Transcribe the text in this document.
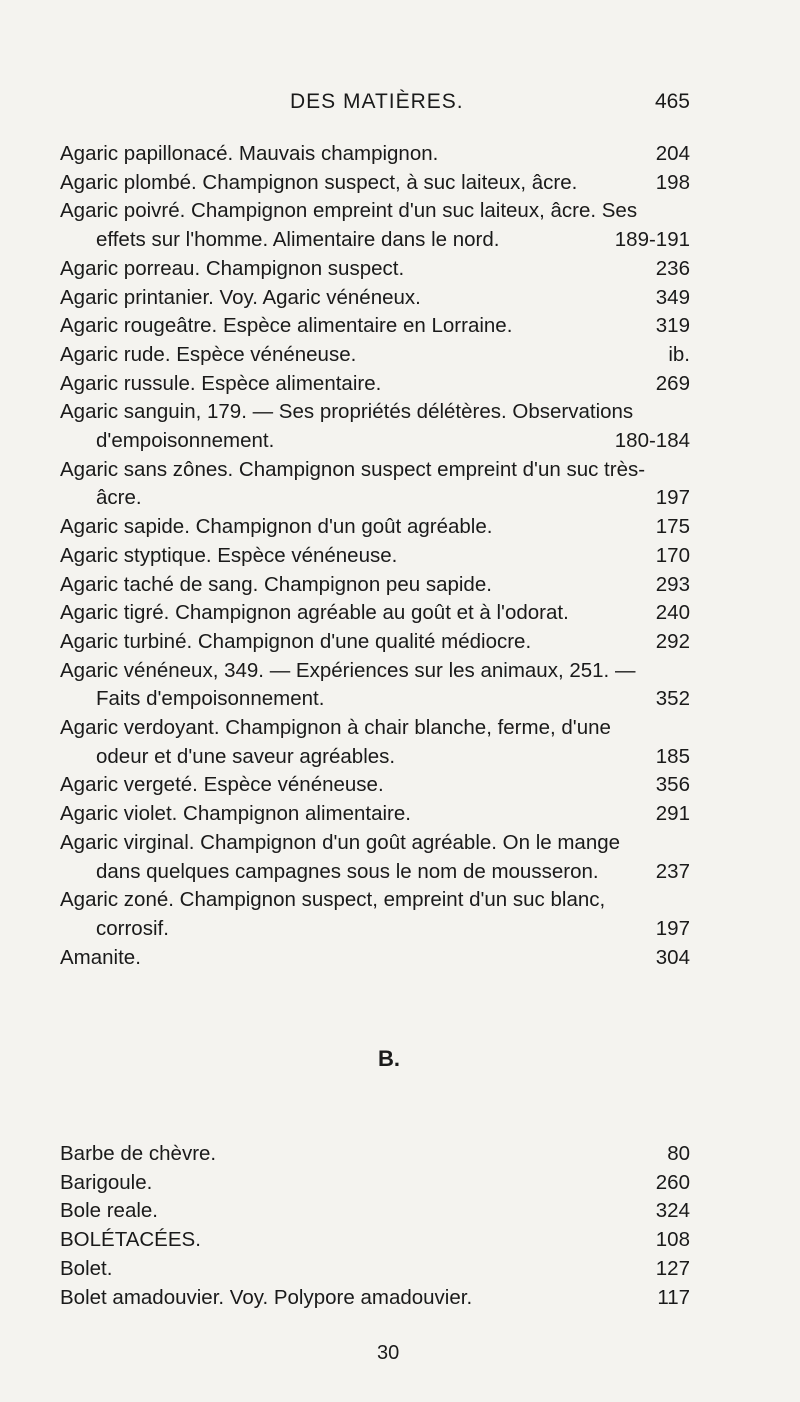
DES MATIÈRES.	465
Agaric papillonacé. Mauvais champignon.	204
Agaric plombé. Champignon suspect, à suc laiteux, âcre.	198
Agaric poivré. Champignon empreint d'un suc laiteux, âcre. Ses
effets sur l'homme. Alimentaire dans le nord.	189-191
Agaric porreau. Champignon suspect.	236
Agaric printanier. Voy. Agaric vénéneux.	349
Agaric rougeâtre. Espèce alimentaire en Lorraine.	319
Agaric rude. Espèce vénéneuse.	ib.
Agaric russule. Espèce alimentaire.	269
Agaric sanguin, 179. — Ses propriétés délétères. Observations
d'empoisonnement.	180-184
Agaric sans zônes. Champignon suspect empreint d'un suc très-
âcre.	197
Agaric sapide. Champignon d'un goût agréable.	175
Agaric styptique. Espèce vénéneuse.	170
Agaric taché de sang. Champignon peu sapide.	293
Agaric tigré. Champignon agréable au goût et à l'odorat.	240
Agaric turbiné. Champignon d'une qualité médiocre.	292
Agaric vénéneux, 349. — Expériences sur les animaux, 251. —
Faits d'empoisonnement.	352
Agaric verdoyant. Champignon à chair blanche, ferme, d'une
odeur et d'une saveur agréables.	185
Agaric vergeté. Espèce vénéneuse.	356
Agaric violet. Champignon alimentaire.	291
Agaric virginal. Champignon d'un goût agréable. On le mange
dans quelques campagnes sous le nom de mousseron.	237
Agaric zoné. Champignon suspect, empreint d'un suc blanc,
corrosif.	197
Amanite.	304
B.
Barbe de chèvre.	80
Barigoule.	260
Bole reale.	324
BOLÉTACÉES.	108
Bolet.	127
Bolet amadouvier. Voy. Polypore amadouvier.	117
30
